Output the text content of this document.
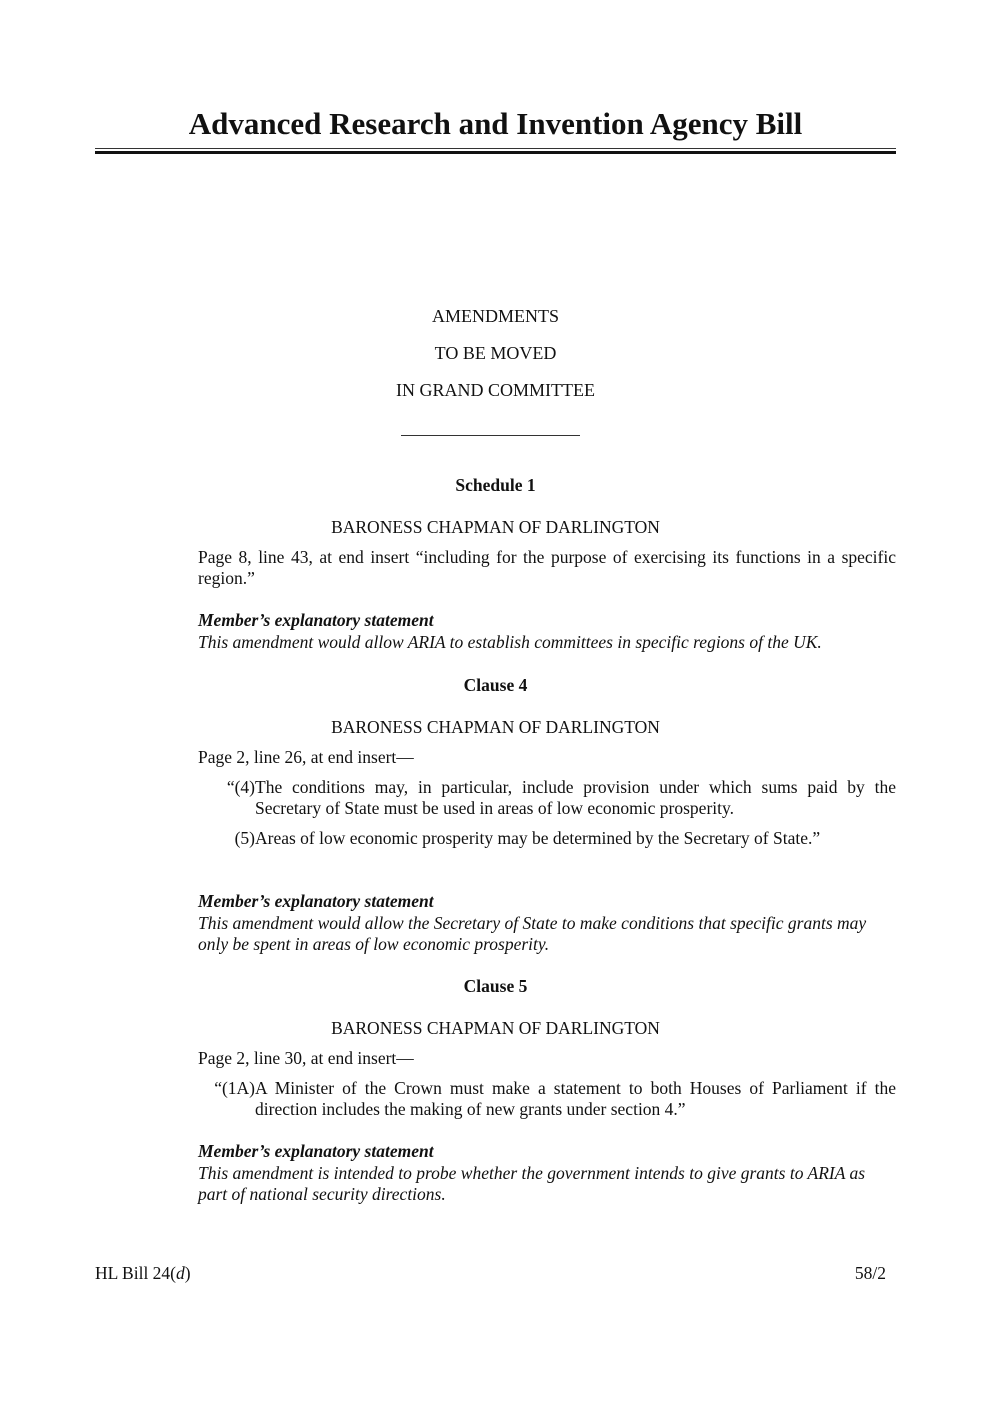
Advanced Research and Invention Agency Bill
AMENDMENTS
TO BE MOVED
IN GRAND COMMITTEE
Schedule 1
BARONESS CHAPMAN OF DARLINGTON
Page 8, line 43, at end insert “including for the purpose of exercising its functions in a specific region.”
Member’s explanatory statement
This amendment would allow ARIA to establish committees in specific regions of the UK.
Clause 4
BARONESS CHAPMAN OF DARLINGTON
Page 2, line 26, at end insert—
“(4) The conditions may, in particular, include provision under which sums paid by the Secretary of State must be used in areas of low economic prosperity.
(5) Areas of low economic prosperity may be determined by the Secretary of State.”
Member’s explanatory statement
This amendment would allow the Secretary of State to make conditions that specific grants may only be spent in areas of low economic prosperity.
Clause 5
BARONESS CHAPMAN OF DARLINGTON
Page 2, line 30, at end insert—
“(1A) A Minister of the Crown must make a statement to both Houses of Parliament if the direction includes the making of new grants under section 4.”
Member’s explanatory statement
This amendment is intended to probe whether the government intends to give grants to ARIA as part of national security directions.
HL Bill 24(d)	58/2
